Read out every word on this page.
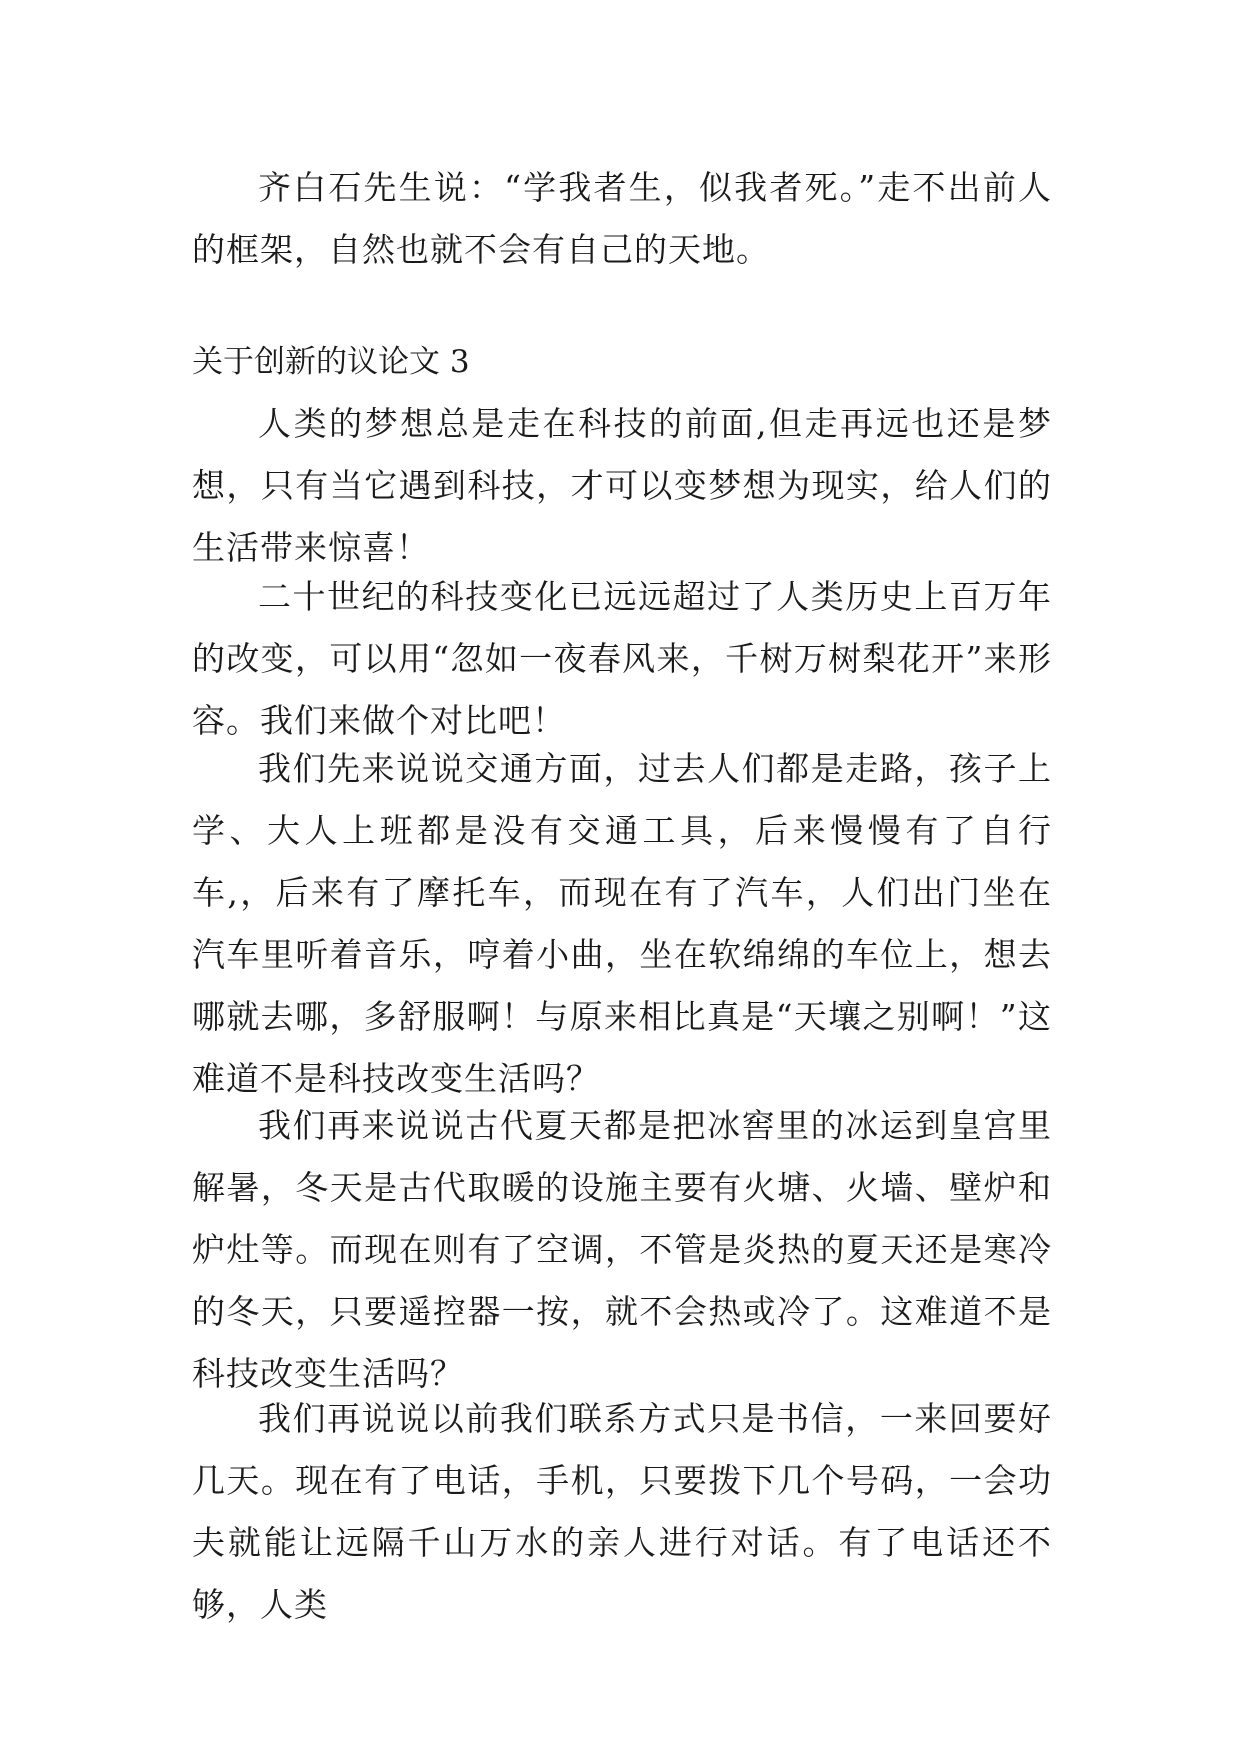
齐白石先生说：“学我者生，似我者死。”走不出前人的框架，自然也就不会有自己的天地。

关于创新的议论文 3

人类的梦想总是走在科技的前面,但走再远也还是梦想，只有当它遇到科技，才可以变梦想为现实，给人们的生活带来惊喜！

二十世纪的科技变化已远远超过了人类历史上百万年的改变，可以用“忽如一夜春风来，千树万树梨花开”来形容。我们来做个对比吧！

我们先来说说交通方面，过去人们都是走路，孩子上学、大人上班都是没有交通工具，后来慢慢有了自行车,，后来有了摩托车，而现在有了汽车，人们出门坐在汽车里听着音乐，哼着小曲，坐在软绵绵的车位上，想去哪就去哪，多舒服啊！与原来相比真是“天壤之别啊！”这难道不是科技改变生活吗？

我们再来说说古代夏天都是把冰窖里的冰运到皇宫里解暑，冬天是古代取暖的设施主要有火塘、火墙、壁炉和炉灶等。而现在则有了空调，不管是炎热的夏天还是寒冷的冬天，只要遥控器一按，就不会热或冷了。这难道不是科技改变生活吗？

我们再说说以前我们联系方式只是书信，一来回要好几天。现在有了电话，手机，只要拨下几个号码，一会功夫就能让远隔千山万水的亲人进行对话。有了电话还不够，人类
